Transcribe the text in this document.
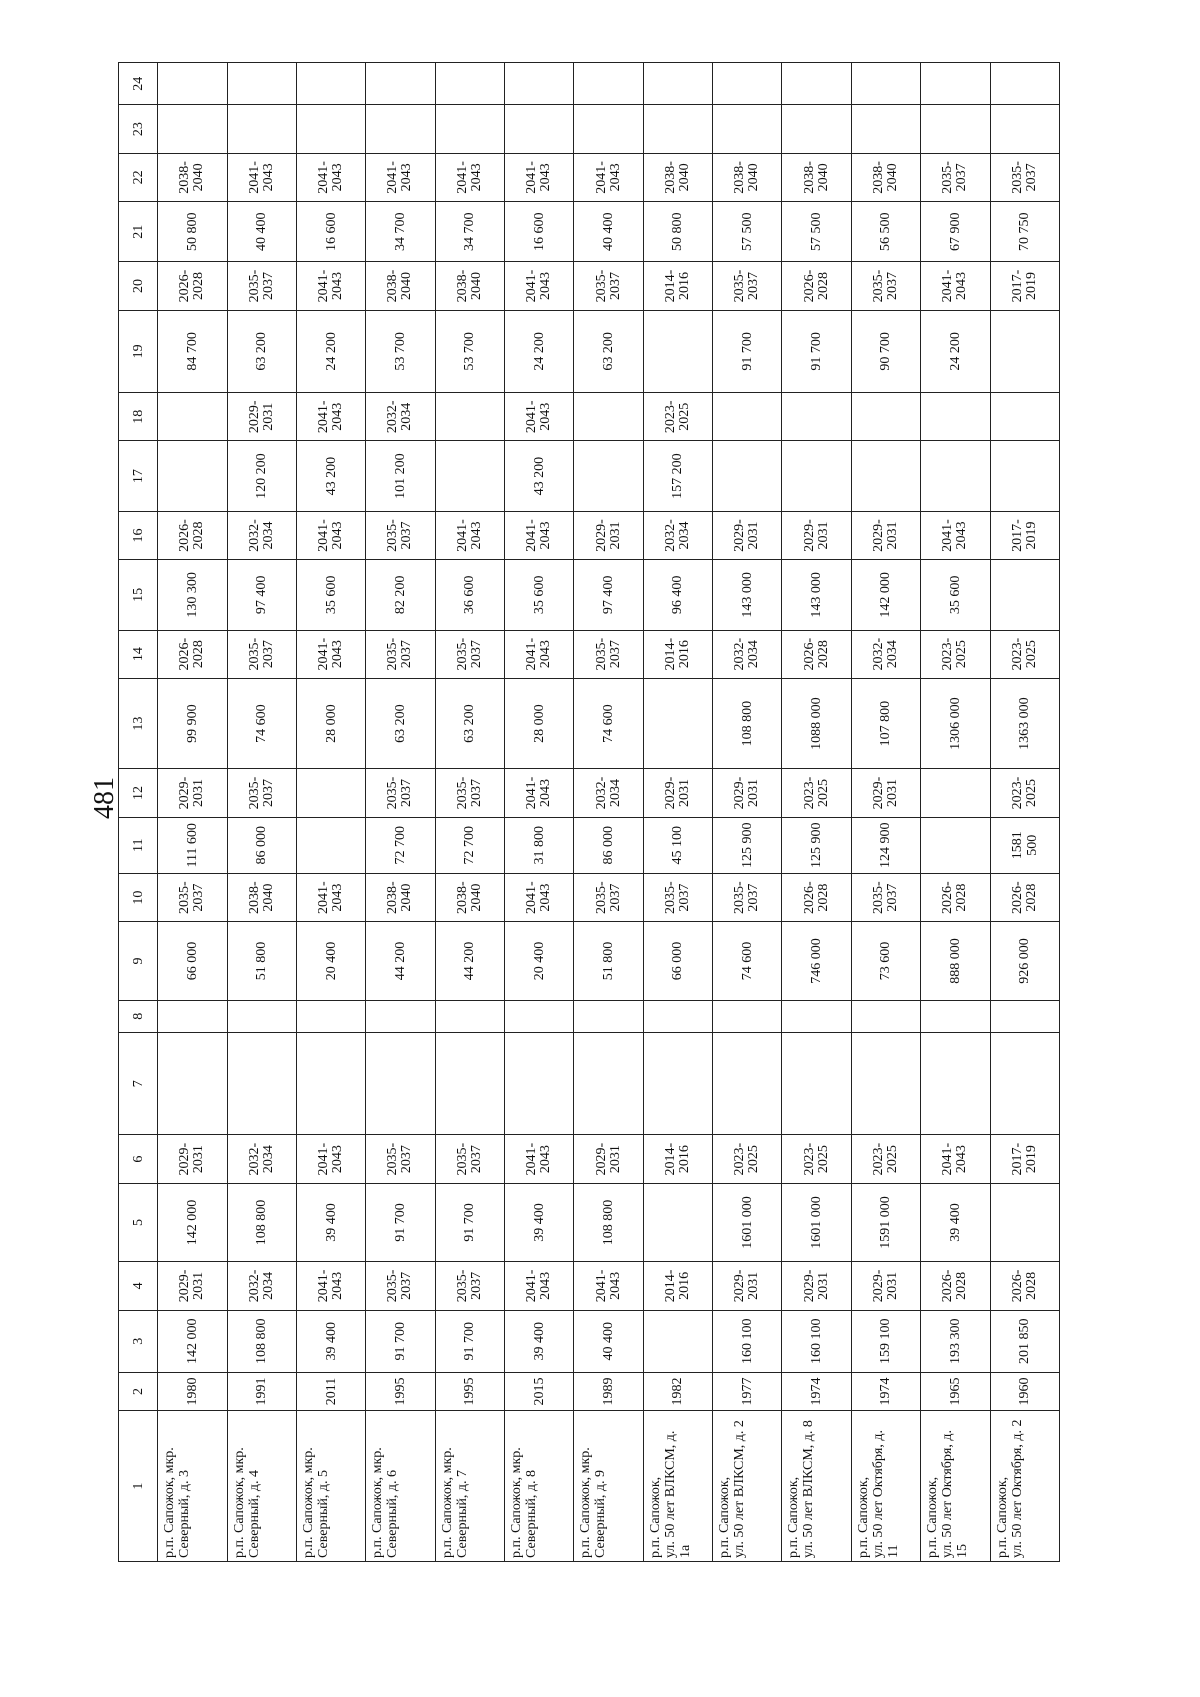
481
1	2	3	4	5	6	7	8	9	10	11	12	13	14	15	16	17	18	19	20	21	22	23	24

р.п. Сапожок, мкр. Северный, д. 3	1980	142 000	2029- 2031	142 000	2029- 2031			66 000	2035- 2037	111 600	2029- 2031	99 900	2026- 2028	130 300	2026- 2028			84 700	2026- 2028	50 800	2038- 2040		

р.п. Сапожок, мкр. Северный, д. 4	1991	108 800	2032- 2034	108 800	2032- 2034			51 800	2038- 2040	86 000	2035- 2037	74 600	2035- 2037	97 400	2032- 2034	120 200	2029- 2031	63 200	2035- 2037	40 400	2041- 2043		

р.п. Сапожок, мкр. Северный, д. 5	2011	39 400	2041- 2043	39 400	2041- 2043			20 400	2041- 2043			28 000	2041- 2043	35 600	2041- 2043	43 200	2041- 2043	24 200	2041- 2043	16 600	2041- 2043		

р.п. Сапожок, мкр. Северный, д. 6	1995	91 700	2035- 2037	91 700	2035- 2037			44 200	2038- 2040	72 700	2035- 2037	63 200	2035- 2037	82 200	2035- 2037	101 200	2032- 2034	53 700	2038- 2040	34 700	2041- 2043		

р.п. Сапожок, мкр. Северный, д. 7	1995	91 700	2035- 2037	91 700	2035- 2037			44 200	2038- 2040	72 700	2035- 2037	63 200	2035- 2037	36 600	2041- 2043			53 700	2038- 2040	34 700	2041- 2043		

р.п. Сапожок, мкр. Северный, д. 8	2015	39 400	2041- 2043	39 400	2041- 2043			20 400	2041- 2043	31 800	2041- 2043	28 000	2041- 2043	35 600	2041- 2043	43 200	2041- 2043	24 200	2041- 2043	16 600	2041- 2043		

р.п. Сапожок, мкр. Северный, д. 9	1989	40 400	2041- 2043	108 800	2029- 2031			51 800	2035- 2037	86 000	2032- 2034	74 600	2035- 2037	97 400	2029- 2031			63 200	2035- 2037	40 400	2041- 2043		

р.п. Сапожок, ул. 50 лет ВЛКСМ, д. 1а	1982		2014- 2016		2014- 2016			66 000	2035- 2037	45 100	2029- 2031		2014- 2016	96 400	2032- 2034	157 200	2023- 2025		2014- 2016	50 800	2038- 2040		

р.п. Сапожок, ул. 50 лет ВЛКСМ, д. 2	1977	160 100	2029- 2031	1601 000	2023- 2025			74 600	2035- 2037	125 900	2029- 2031	108 800	2032- 2034	143 000	2029- 2031			91 700	2035- 2037	57 500	2038- 2040		

р.п. Сапожок, ул. 50 лет ВЛКСМ, д. 8	1974	160 100	2029- 2031	1601 000	2023- 2025			746 000	2026- 2028	125 900	2023- 2025	1088 000	2026- 2028	143 000	2029- 2031			91 700	2026- 2028	57 500	2038- 2040		

р.п. Сапожок, ул. 50 лет Октября, д. 11	1974	159 100	2029- 2031	1591 000	2023- 2025			73 600	2035- 2037	124 900	2029- 2031	107 800	2032- 2034	142 000	2029- 2031			90 700	2035- 2037	56 500	2038- 2040		

р.п. Сапожок, ул. 50 лет Октября, д. 15	1965	193 300	2026- 2028	39 400	2041- 2043			888 000	2026- 2028			1306 000	2023- 2025	35 600	2041- 2043			24 200	2041- 2043	67 900	2035- 2037		

р.п. Сапожок, ул. 50 лет Октября, д. 2	1960	201 850	2026- 2028		2017- 2019			926 000	2026- 2028	1581 500	2023- 2025	1363 000	2023- 2025		2017- 2019				2017- 2019	70 750	2035- 2037		
